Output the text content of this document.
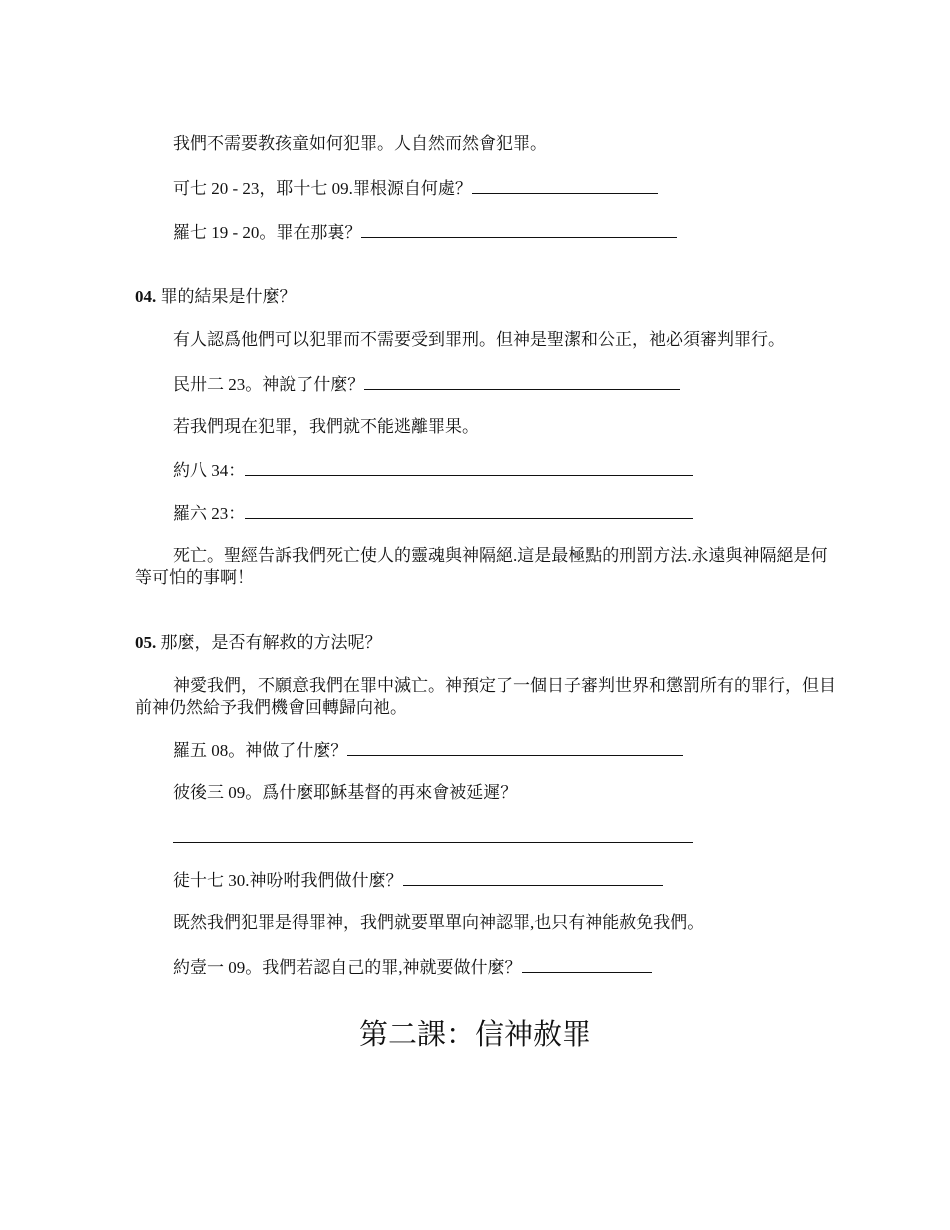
我們不需要教孩童如何犯罪。人自然而然會犯罪。
可七 20 - 23，耶十七 09.罪根源自何處？
羅七 19 - 20。罪在那裏？
04. 罪的結果是什麼？
有人認爲他們可以犯罪而不需要受到罪刑。但神是聖潔和公正，祂必須審判罪行。
民卅二 23。神說了什麼？
若我們現在犯罪，我們就不能逃離罪果。
約八 34：
羅六 23：
死亡。聖經告訴我們死亡使人的靈魂與神隔絕.這是最極點的刑罰方法.永遠與神隔絕是何等可怕的事啊！
05. 那麼，是否有解救的方法呢？
神愛我們，不願意我們在罪中滅亡。神預定了一個日子審判世界和懲罰所有的罪行，但目前神仍然給予我們機會回轉歸向祂。
羅五 08。神做了什麼？
彼後三 09。爲什麼耶穌基督的再來會被延遲？
徒十七 30.神吩咐我們做什麼？
既然我們犯罪是得罪神，我們就要單單向神認罪,也只有神能赦免我們。
約壹一 09。我們若認自己的罪,神就要做什麼？
第二課：信神赦罪
